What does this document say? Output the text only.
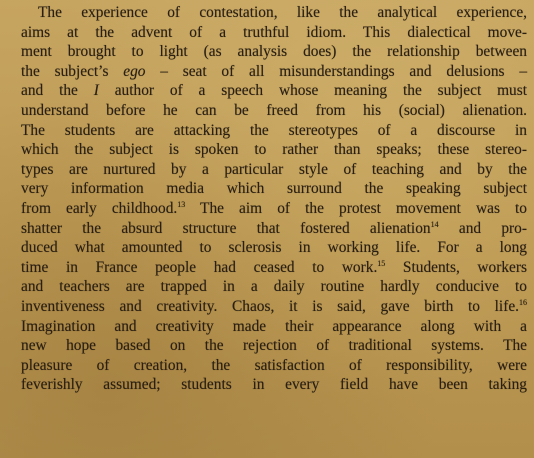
The experience of contestation, like the analytical experience,
aims at the advent of a truthful idiom. This dialectical move-
ment brought to light (as analysis does) the relationship between
the subject’s ego – seat of all misunderstandings and delusions –
and the I author of a speech whose meaning the subject must
understand before he can be freed from his (social) alienation.
The students are attacking the stereotypes of a discourse in
which the subject is spoken to rather than speaks; these stereo-
types are nurtured by a particular style of teaching and by the
very information media which surround the speaking subject
from early childhood.$^{13}$ The aim of the protest movement was to
shatter the absurd structure that fostered alienation$^{14}$ and pro-
duced what amounted to sclerosis in working life. For a long
time in France people had ceased to work.$^{15}$ Students, workers
and teachers are trapped in a daily routine hardly conducive to
inventiveness and creativity. Chaos, it is said, gave birth to life.$^{16}$
Imagination and creativity made their appearance along with a
new hope based on the rejection of traditional systems. The
pleasure of creation, the satisfaction of responsibility, were
feverishly assumed; students in every field have been taking
